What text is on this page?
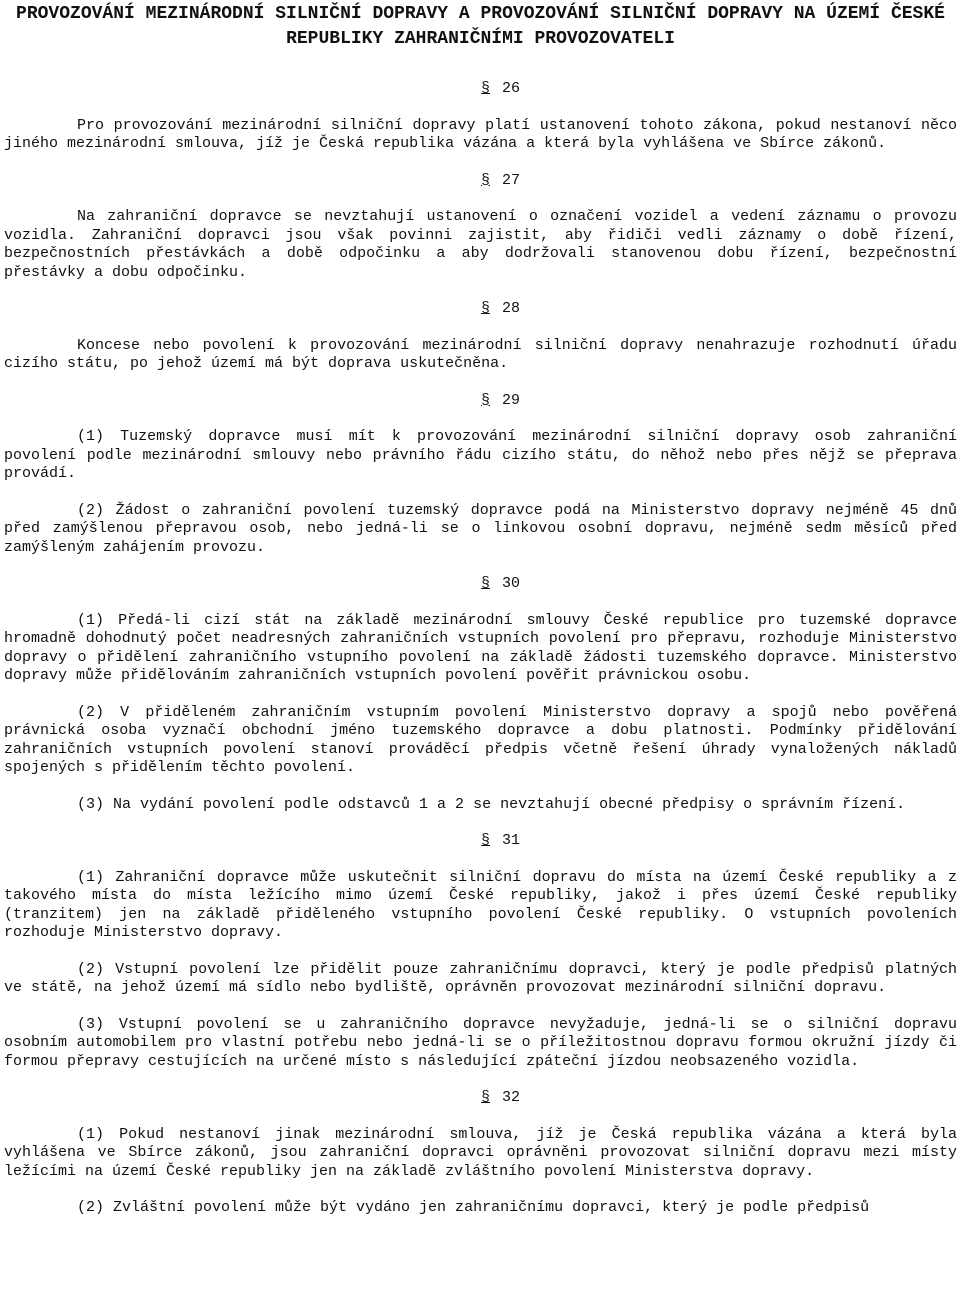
PROVOZOVÁNÍ MEZINÁRODNÍ SILNIČNÍ DOPRAVY A PROVOZOVÁNÍ SILNIČNÍ DOPRAVY NA ÚZEMÍ ČESKÉ REPUBLIKY ZAHRANIČNÍMI PROVOZOVATELI
§ 26

Pro provozování mezinárodní silniční dopravy platí ustanovení tohoto zákona, pokud nestanoví něco jiného mezinárodní smlouva, jíž je Česká republika vázána a která byla vyhlášena ve Sbírce zákonů.

§ 27

Na zahraniční dopravce se nevztahují ustanovení o označení vozidel a vedení záznamu o provozu vozidla. Zahraniční dopravci jsou však povinni zajistit, aby řidiči vedli záznamy o době řízení, bezpečnostních přestávkách a době odpočinku a aby dodržovali stanovenou dobu řízení, bezpečnostní přestávky a dobu odpočinku.

§ 28

Koncese nebo povolení k provozování mezinárodní silniční dopravy nenahrazuje rozhodnutí úřadu cizího státu, po jehož území má být doprava uskutečněna.

§ 29

(1) Tuzemský dopravce musí mít k provozování mezinárodní silniční dopravy osob zahraniční povolení podle mezinárodní smlouvy nebo právního řádu cizího státu, do něhož nebo přes nějž se přeprava provádí.

(2) Žádost o zahraniční povolení tuzemský dopravce podá na Ministerstvo dopravy nejméně 45 dnů před zamýšlenou přepravou osob, nebo jedná-li se o linkovou osobní dopravu, nejméně sedm měsíců před zamýšleným zahájením provozu.

§ 30

(1) Předá-li cizí stát na základě mezinárodní smlouvy České republice pro tuzemské dopravce hromadně dohodnutý počet neadresných zahraničních vstupních povolení pro přepravu, rozhoduje Ministerstvo dopravy o přidělení zahraničního vstupního povolení na základě žádosti tuzemského dopravce. Ministerstvo dopravy může přidělováním zahraničních vstupních povolení pověřit právnickou osobu.

(2) V přiděleném zahraničním vstupním povolení Ministerstvo dopravy a spojů nebo pověřená právnická osoba vyznačí obchodní jméno tuzemského dopravce a dobu platnosti. Podmínky přidělování zahraničních vstupních povolení stanoví prováděcí předpis včetně řešení úhrady vynaložených nákladů spojených s přidělením těchto povolení.

(3) Na vydání povolení podle odstavců 1 a 2 se nevztahují obecné předpisy o správním řízení.

§ 31

(1) Zahraniční dopravce může uskutečnit silniční dopravu do místa na území České republiky a z takového místa do místa ležícího mimo území České republiky, jakož i přes území České republiky (tranzitem) jen na základě přiděleného vstupního povolení České republiky. O vstupních povoleních rozhoduje Ministerstvo dopravy.

(2) Vstupní povolení lze přidělit pouze zahraničnímu dopravci, který je podle předpisů platných ve státě, na jehož území má sídlo nebo bydliště, oprávněn provozovat mezinárodní silniční dopravu.

(3) Vstupní povolení se u zahraničního dopravce nevyžaduje, jedná-li se o silniční dopravu osobním automobilem pro vlastní potřebu nebo jedná-li se o příležitostnou dopravu formou okružní jízdy či formou přepravy cestujících na určené místo s následující zpáteční jízdou neobsazeného vozidla.

§ 32

(1) Pokud nestanoví jinak mezinárodní smlouva, jíž je Česká republika vázána a která byla vyhlášena ve Sbírce zákonů, jsou zahraniční dopravci oprávněni provozovat silniční dopravu mezi místy ležícími na území České republiky jen na základě zvláštního povolení Ministerstva dopravy.

(2) Zvláštní povolení může být vydáno jen zahraničnímu dopravci, který je podle předpisů
